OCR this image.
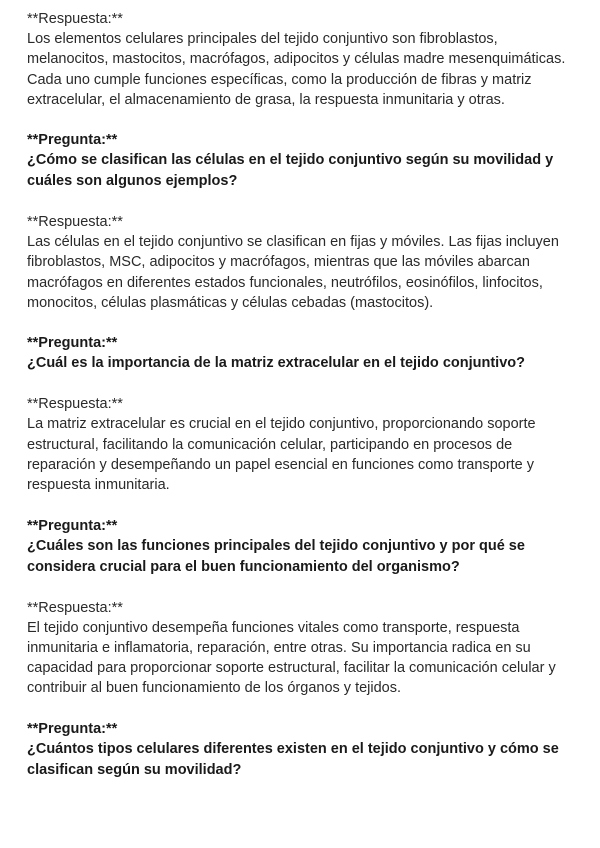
**Respuesta:**

Los elementos celulares principales del tejido conjuntivo son fibroblastos, melanocitos, mastocitos, macrófagos, adipocitos y células madre mesenquimáticas. Cada uno cumple funciones específicas, como la producción de fibras y matriz extracelular, el almacenamiento de grasa, la respuesta inmunitaria y otras.

**Pregunta:**

¿Cómo se clasifican las células en el tejido conjuntivo según su movilidad y cuáles son algunos ejemplos?

**Respuesta:**

Las células en el tejido conjuntivo se clasifican en fijas y móviles. Las fijas incluyen fibroblastos, MSC, adipocitos y macrófagos, mientras que las móviles abarcan macrófagos en diferentes estados funcionales, neutrófilos, eosinófilos, linfocitos, monocitos, células plasmáticas y células cebadas (mastocitos).

**Pregunta:**

¿Cuál es la importancia de la matriz extracelular en el tejido conjuntivo?

**Respuesta:**

La matriz extracelular es crucial en el tejido conjuntivo, proporcionando soporte estructural, facilitando la comunicación celular, participando en procesos de reparación y desempeñando un papel esencial en funciones como transporte y respuesta inmunitaria.

**Pregunta:**

¿Cuáles son las funciones principales del tejido conjuntivo y por qué se considera crucial para el buen funcionamiento del organismo?

**Respuesta:**

El tejido conjuntivo desempeña funciones vitales como transporte, respuesta inmunitaria e inflamatoria, reparación, entre otras. Su importancia radica en su capacidad para proporcionar soporte estructural, facilitar la comunicación celular y contribuir al buen funcionamiento de los órganos y tejidos.

**Pregunta:**

¿Cuántos tipos celulares diferentes existen en el tejido conjuntivo y cómo se clasifican según su movilidad?
